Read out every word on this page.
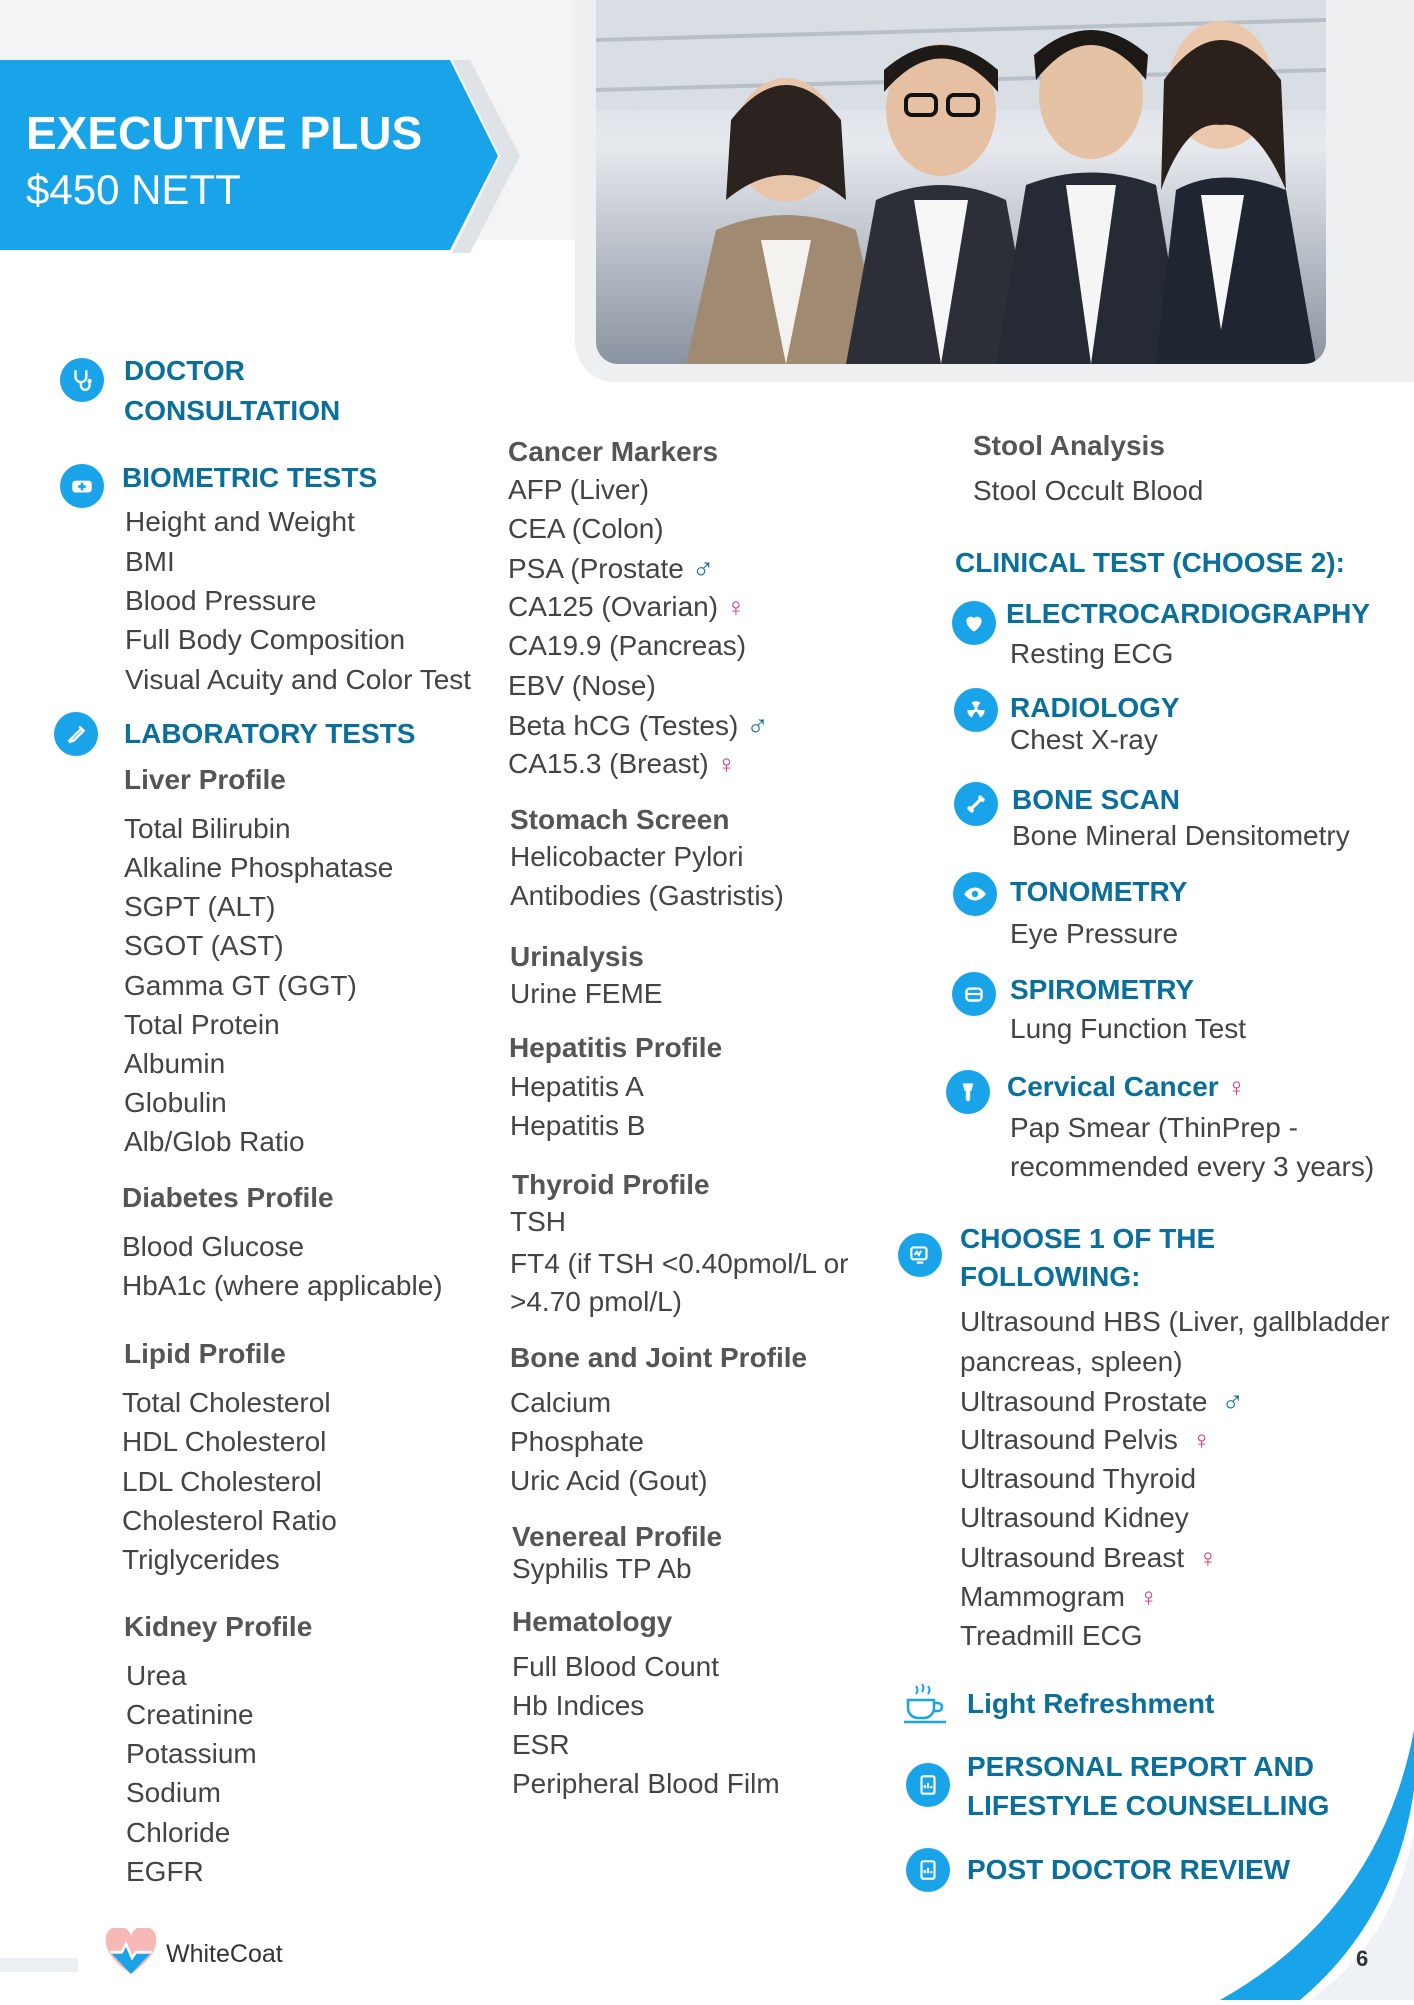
EXECUTIVE PLUS
$450 NETT
DOCTOR
CONSULTATION
BIOMETRIC TESTS
Height and Weight
BMI
Blood Pressure
Full Body Composition
Visual Acuity and Color Test
LABORATORY TESTS
Liver Profile
Total Bilirubin
Alkaline Phosphatase
SGPT (ALT)
SGOT (AST)
Gamma GT (GGT)
Total Protein
Albumin
Globulin
Alb/Glob Ratio
Diabetes Profile
Blood Glucose
HbA1c (where applicable)
Lipid Profile
Total Cholesterol
HDL Cholesterol
LDL Cholesterol
Cholesterol Ratio
Triglycerides
Kidney Profile
Urea
Creatinine
Potassium
Sodium
Chloride
EGFR
Cancer Markers
AFP (Liver)
CEA (Colon)
PSA (Prostate ♂
CA125 (Ovarian) ♀
CA19.9 (Pancreas)
EBV (Nose)
Beta hCG (Testes) ♂
CA15.3 (Breast) ♀
Stomach Screen
Helicobacter Pylori
Antibodies (Gastristis)
Urinalysis
Urine FEME
Hepatitis Profile
Hepatitis A
Hepatitis B
Thyroid Profile
TSH
FT4 (if TSH <0.40pmol/L or
>4.70 pmol/L)
Bone and Joint Profile
Calcium
Phosphate
Uric Acid (Gout)
Venereal Profile
Syphilis TP Ab
Hematology
Full Blood Count
Hb Indices
ESR
Peripheral Blood Film
Stool Analysis
Stool Occult Blood
CLINICAL TEST (CHOOSE 2):
ELECTROCARDIOGRAPHY
Resting ECG
RADIOLOGY
Chest X-ray
BONE SCAN
Bone Mineral Densitometry
TONOMETRY
Eye Pressure
SPIROMETRY
Lung Function Test
Cervical Cancer ♀
Pap Smear (ThinPrep -
recommended every 3 years)
CHOOSE 1 OF THE
FOLLOWING:
Ultrasound HBS (Liver, gallbladder
pancreas, spleen)
Ultrasound Prostate ♂
Ultrasound Pelvis ♀
Ultrasound Thyroid
Ultrasound Kidney
Ultrasound Breast ♀
Mammogram ♀
Treadmill ECG
Light Refreshment
PERSONAL REPORT AND
LIFESTYLE COUNSELLING
POST DOCTOR REVIEW
WhiteCoat	6
